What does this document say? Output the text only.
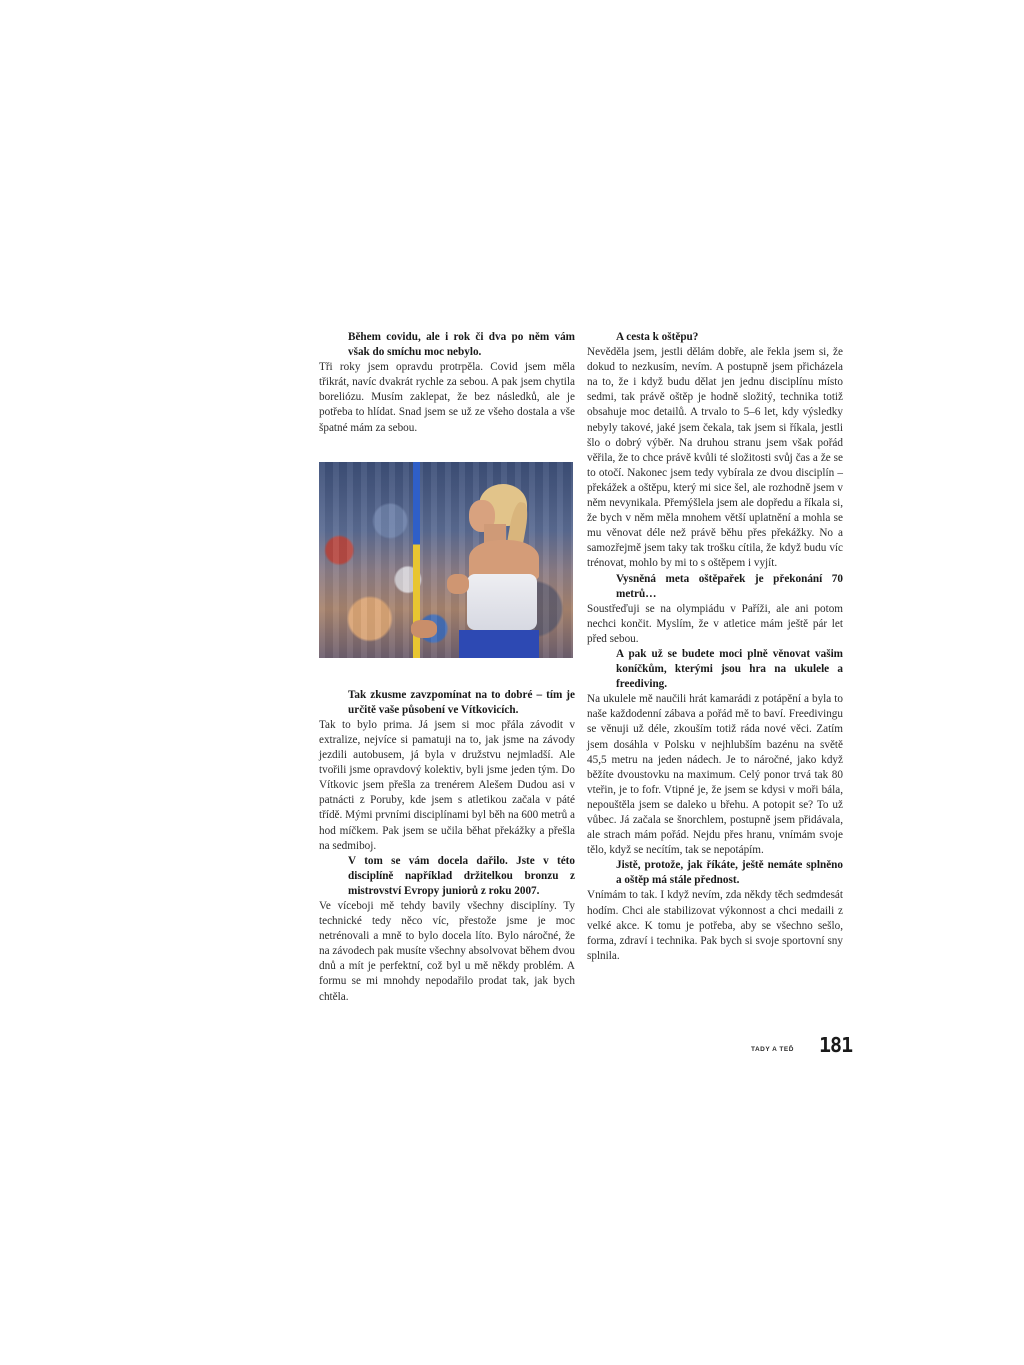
Během covidu, ale i rok či dva po něm vám však do smíchu moc nebylo.

Tři roky jsem opravdu protrpěla. Covid jsem měla třikrát, navíc dvakrát rychle za sebou. A pak jsem chytila boreliózu. Musím zaklepat, že bez následků, ale je potřeba to hlídat. Snad jsem se už ze všeho dostala a vše špatné mám za sebou.

Tak zkusme zavzpomínat na to dobré – tím je určitě vaše působení ve Vítkovicích.

Tak to bylo prima. Já jsem si moc přála závodit v extralize, nejvíce si pamatuji na to, jak jsme na závody jezdili autobusem, já byla v družstvu nejmladší. Ale tvořili jsme opravdový kolektiv, byli jsme jeden tým. Do Vítkovic jsem přešla za trenérem Alešem Dudou asi v patnácti z Poruby, kde jsem s atletikou začala v páté třídě. Mými prvními disciplínami byl běh na 600 metrů a hod míčkem. Pak jsem se učila běhat překážky a přešla na sedmiboj.

V tom se vám docela dařilo. Jste v této disciplíně například držitelkou bronzu z mistrovství Evropy juniorů z roku 2007.

Ve víceboji mě tehdy bavily všechny disciplíny. Ty technické tedy něco víc, přestože jsme je moc netrénovali a mně to bylo docela líto. Bylo náročné, že na závodech pak musíte všechny absolvovat během dvou dnů a mít je perfektní, což byl u mě někdy problém. A formu se mi mnohdy nepodařilo prodat tak, jak bych chtěla.

A cesta k oštěpu?

Nevěděla jsem, jestli dělám dobře, ale řekla jsem si, že dokud to nezkusím, nevím. A postupně jsem přicházela na to, že i když budu dělat jen jednu disciplínu místo sedmi, tak právě oštěp je hodně složitý, technika totiž obsahuje moc detailů. A trvalo to 5–6 let, kdy výsledky nebyly takové, jaké jsem čekala, tak jsem si říkala, jestli šlo o dobrý výběr. Na druhou stranu jsem však pořád věřila, že to chce právě kvůli té složitosti svůj čas a že se to otočí. Nakonec jsem tedy vybírala ze dvou disciplín – překážek a oštěpu, který mi sice šel, ale rozhodně jsem v něm nevynikala. Přemýšlela jsem ale dopředu a říkala si, že bych v něm měla mnohem větší uplatnění a mohla se mu věnovat déle než právě běhu přes překážky. No a samozřejmě jsem taky tak trošku cítila, že když budu víc trénovat, mohlo by mi to s oštěpem i vyjít.

Vysněná meta oštěpařek je překonání 70 metrů…

Soustřeďuji se na olympiádu v Paříži, ale ani potom nechci končit. Myslím, že v atletice mám ještě pár let před sebou.

A pak už se budete moci plně věnovat vašim koníčkům, kterými jsou hra na ukulele a freediving.

Na ukulele mě naučili hrát kamarádi z potápění a byla to naše každodenní zábava a pořád mě to baví. Freedivingu se věnuji už déle, zkouším totiž ráda nové věci. Zatím jsem dosáhla v Polsku v nejhlubším bazénu na světě 45,5 metru na jeden nádech. Je to náročné, jako když běžíte dvoustovku na maximum. Celý ponor trvá tak 80 vteřin, je to fofr. Vtipné je, že jsem se kdysi v moři bála, nepouštěla jsem se daleko u břehu. A potopit se? To už vůbec. Já začala se šnorchlem, postupně jsem přidávala, ale strach mám pořád. Nejdu přes hranu, vnímám svoje tělo, když se necítím, tak se nepotápím.

Jistě, protože, jak říkáte, ještě nemáte splněno a oštěp má stále přednost.

Vnímám to tak. I když nevím, zda někdy těch sedmdesát hodím. Chci ale stabilizovat výkonnost a chci medaili z velké akce. K tomu je potřeba, aby se všechno sešlo, forma, zdraví i technika. Pak bych si svoje sportovní sny splnila.

TADY A TEĎ 181
